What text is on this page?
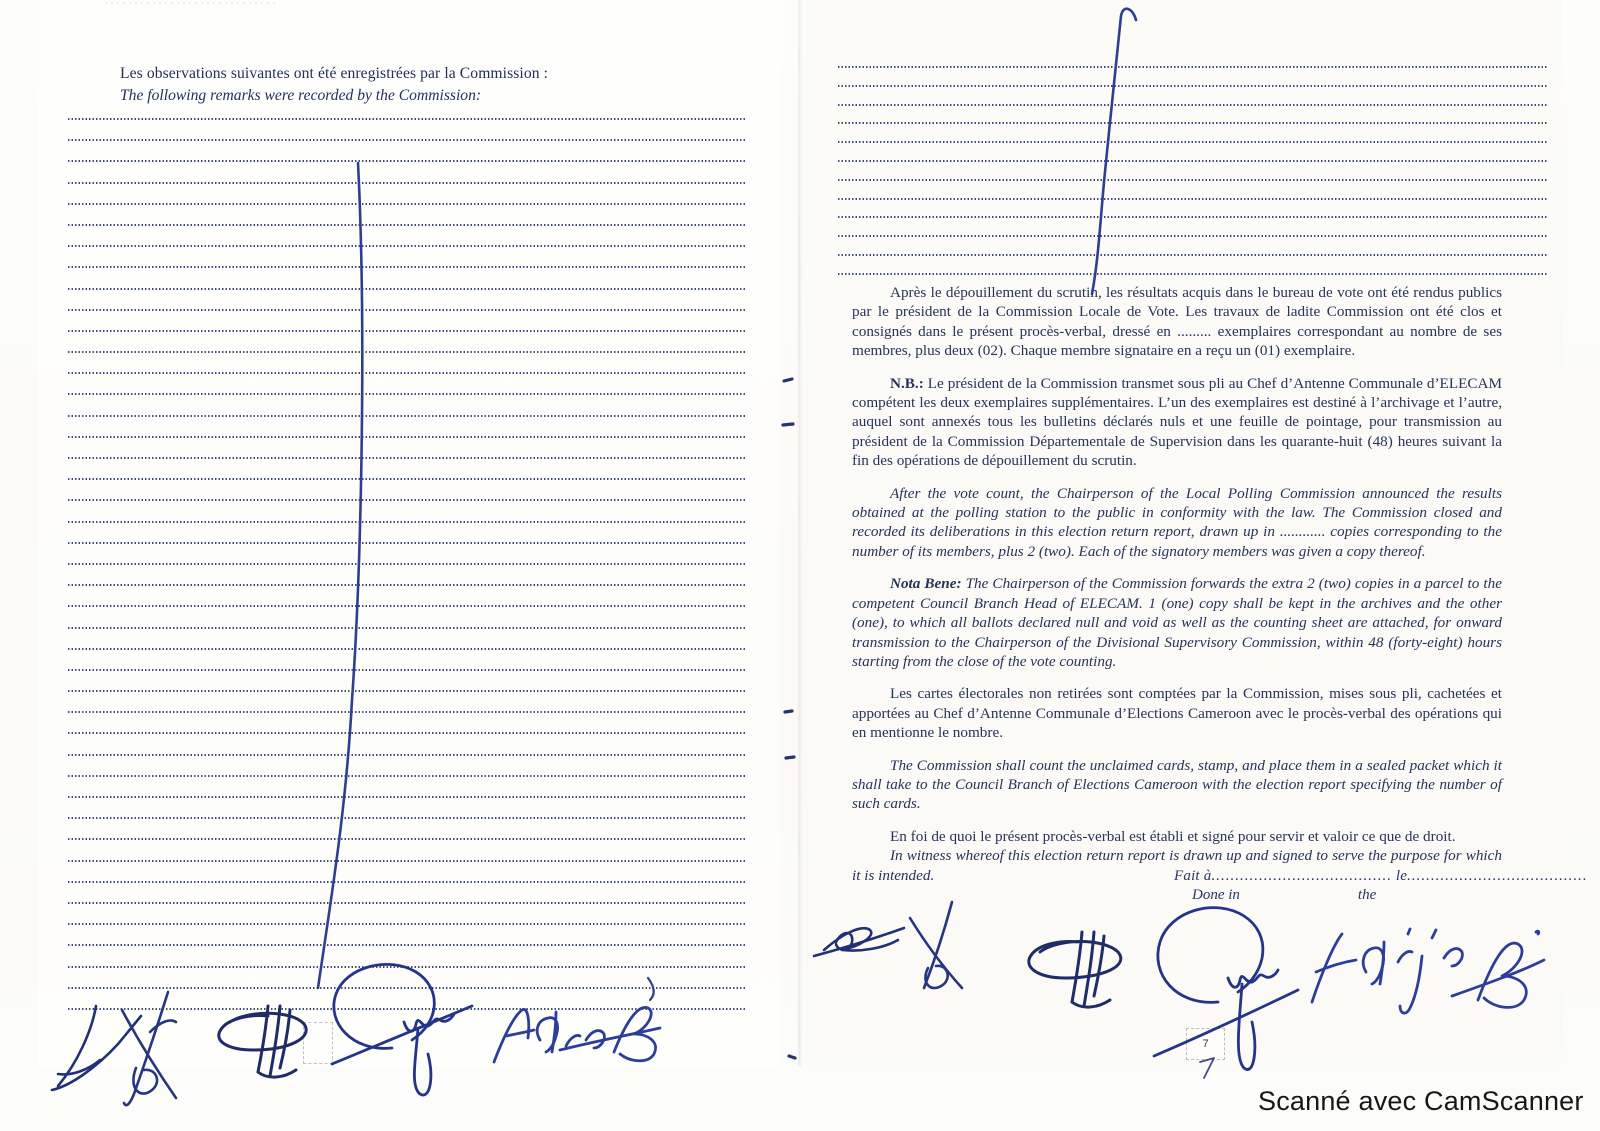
Les observations suivantes ont été enregistrées par la Commission :
The following remarks were recorded by the Commission:

Après le dépouillement du scrutin, les résultats acquis dans le bureau de vote ont été rendus publics par le président de la Commission Locale de Vote. Les travaux de ladite Commission ont été clos et consignés dans le présent procès-verbal, dressé en ......... exemplaires correspondant au nombre de ses membres, plus deux (02). Chaque membre signataire en a reçu un (01) exemplaire.

N.B.: Le président de la Commission transmet sous pli au Chef d’Antenne Communale d’ELECAM compétent les deux exemplaires supplémentaires. L’un des exemplaires est destiné à l’archivage et l’autre, auquel sont annexés tous les bulletins déclarés nuls et une feuille de pointage, pour transmission au président de la Commission Départementale de Supervision dans les quarante-huit (48) heures suivant la fin des opérations de dépouillement du scrutin.

After the vote count, the Chairperson of the Local Polling Commission announced the results obtained at the polling station to the public in conformity with the law. The Commission closed and recorded its deliberations in this election return report, drawn up in ............ copies corresponding to the number of its members, plus 2 (two). Each of the signatory members was given a copy thereof.

Nota Bene: The Chairperson of the Commission forwards the extra 2 (two) copies in a parcel to the competent Council Branch Head of ELECAM. 1 (one) copy shall be kept in the archives and the other (one), to which all ballots declared null and void as well as the counting sheet are attached, for onward transmission to the Chairperson of the Divisional Supervisory Commission, within 48 (forty-eight) hours starting from the close of the vote counting.

Les cartes électorales non retirées sont comptées par la Commission, mises sous pli, cachetées et apportées au Chef d’Antenne Communale d’Elections Cameroon avec le procès-verbal des opérations qui en mentionne le nombre.

The Commission shall count the unclaimed cards, stamp, and place them in a sealed packet which it shall take to the Council Branch of Elections Cameroon with the election report specifying the number of such cards.

En foi de quoi le présent procès-verbal est établi et signé pour servir et valoir ce que de droit.

In witness whereof this election return report is drawn up and signed to serve the purpose for which it is intended.	Fait à...................................... le......................................
Done in	the
7
Scanné avec CamScanner
